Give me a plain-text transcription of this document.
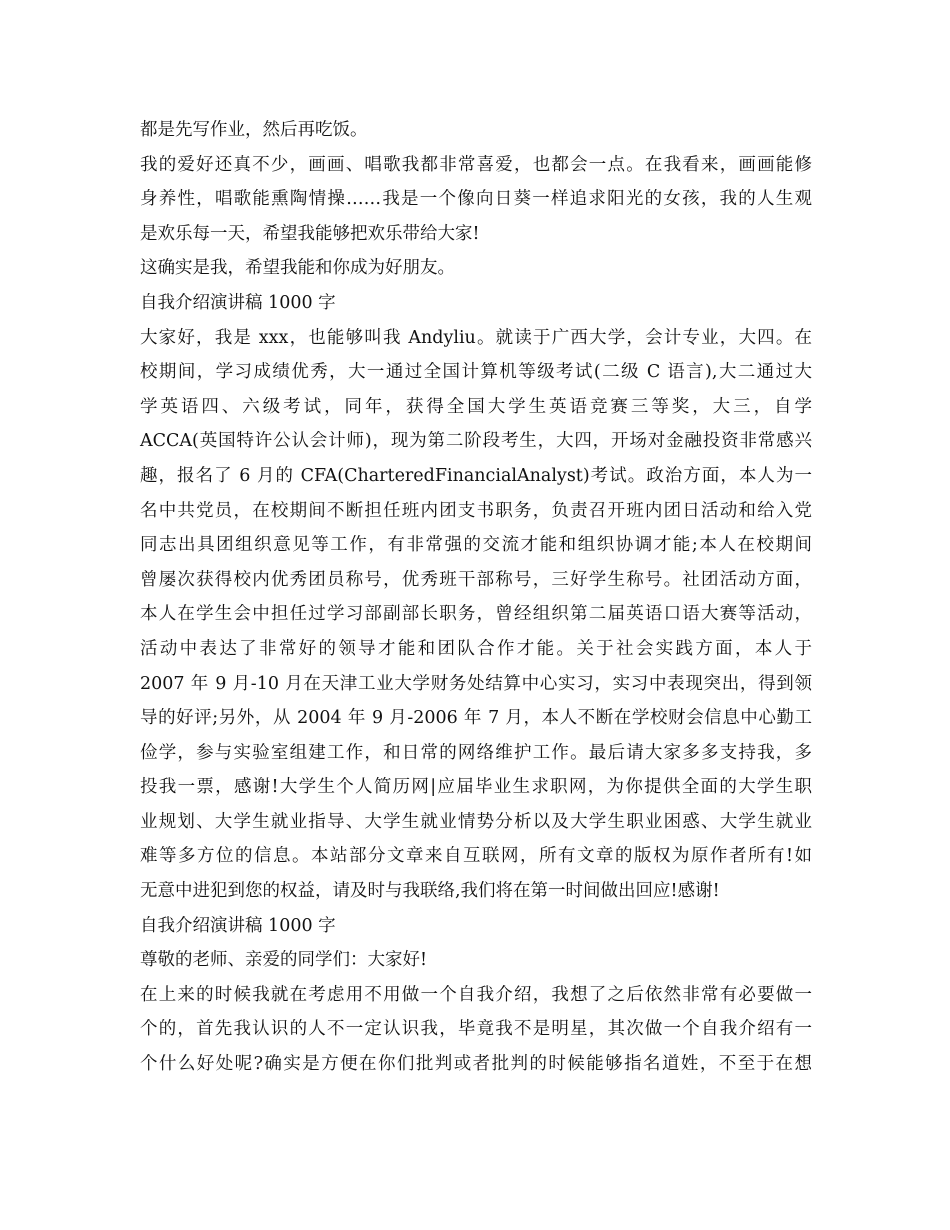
都是先写作业，然后再吃饭。
我的爱好还真不少，画画、唱歌我都非常喜爱，也都会一点。在我看来，画画能修
身养性，唱歌能熏陶情操……我是一个像向日葵一样追求阳光的女孩，我的人生观
是欢乐每一天，希望我能够把欢乐带给大家!
这确实是我，希望我能和你成为好朋友。
自我介绍演讲稿 1000 字
大家好，我是 xxx，也能够叫我 Andyliu。就读于广西大学，会计专业，大四。在
校期间，学习成绩优秀，大一通过全国计算机等级考试(二级 C 语言),大二通过大
学英语四、六级考试，同年，获得全国大学生英语竞赛三等奖，大三，自学
ACCA(英国特许公认会计师)，现为第二阶段考生，大四，开场对金融投资非常感兴
趣，报名了 6 月的 CFA(CharteredFinancialAnalyst)考试。政治方面，本人为一
名中共党员，在校期间不断担任班内团支书职务，负责召开班内团日活动和给入党
同志出具团组织意见等工作，有非常强的交流才能和组织协调才能;本人在校期间
曾屡次获得校内优秀团员称号，优秀班干部称号，三好学生称号。社团活动方面，
本人在学生会中担任过学习部副部长职务，曾经组织第二届英语口语大赛等活动，
活动中表达了非常好的领导才能和团队合作才能。关于社会实践方面，本人于
2007 年 9 月-10 月在天津工业大学财务处结算中心实习，实习中表现突出，得到领
导的好评;另外，从 2004 年 9 月-2006 年 7 月，本人不断在学校财会信息中心勤工
俭学，参与实验室组建工作，和日常的网络维护工作。最后请大家多多支持我，多
投我一票，感谢!大学生个人简历网|应届毕业生求职网，为你提供全面的大学生职
业规划、大学生就业指导、大学生就业情势分析以及大学生职业困惑、大学生就业
难等多方位的信息。本站部分文章来自互联网，所有文章的版权为原作者所有!如
无意中进犯到您的权益，请及时与我联络,我们将在第一时间做出回应!感谢!
自我介绍演讲稿 1000 字
尊敬的老师、亲爱的同学们：大家好!
在上来的时候我就在考虑用不用做一个自我介绍，我想了之后依然非常有必要做一
个的，首先我认识的人不一定认识我，毕竟我不是明星，其次做一个自我介绍有一
个什么好处呢?确实是方便在你们批判或者批判的时候能够指名道姓，不至于在想
